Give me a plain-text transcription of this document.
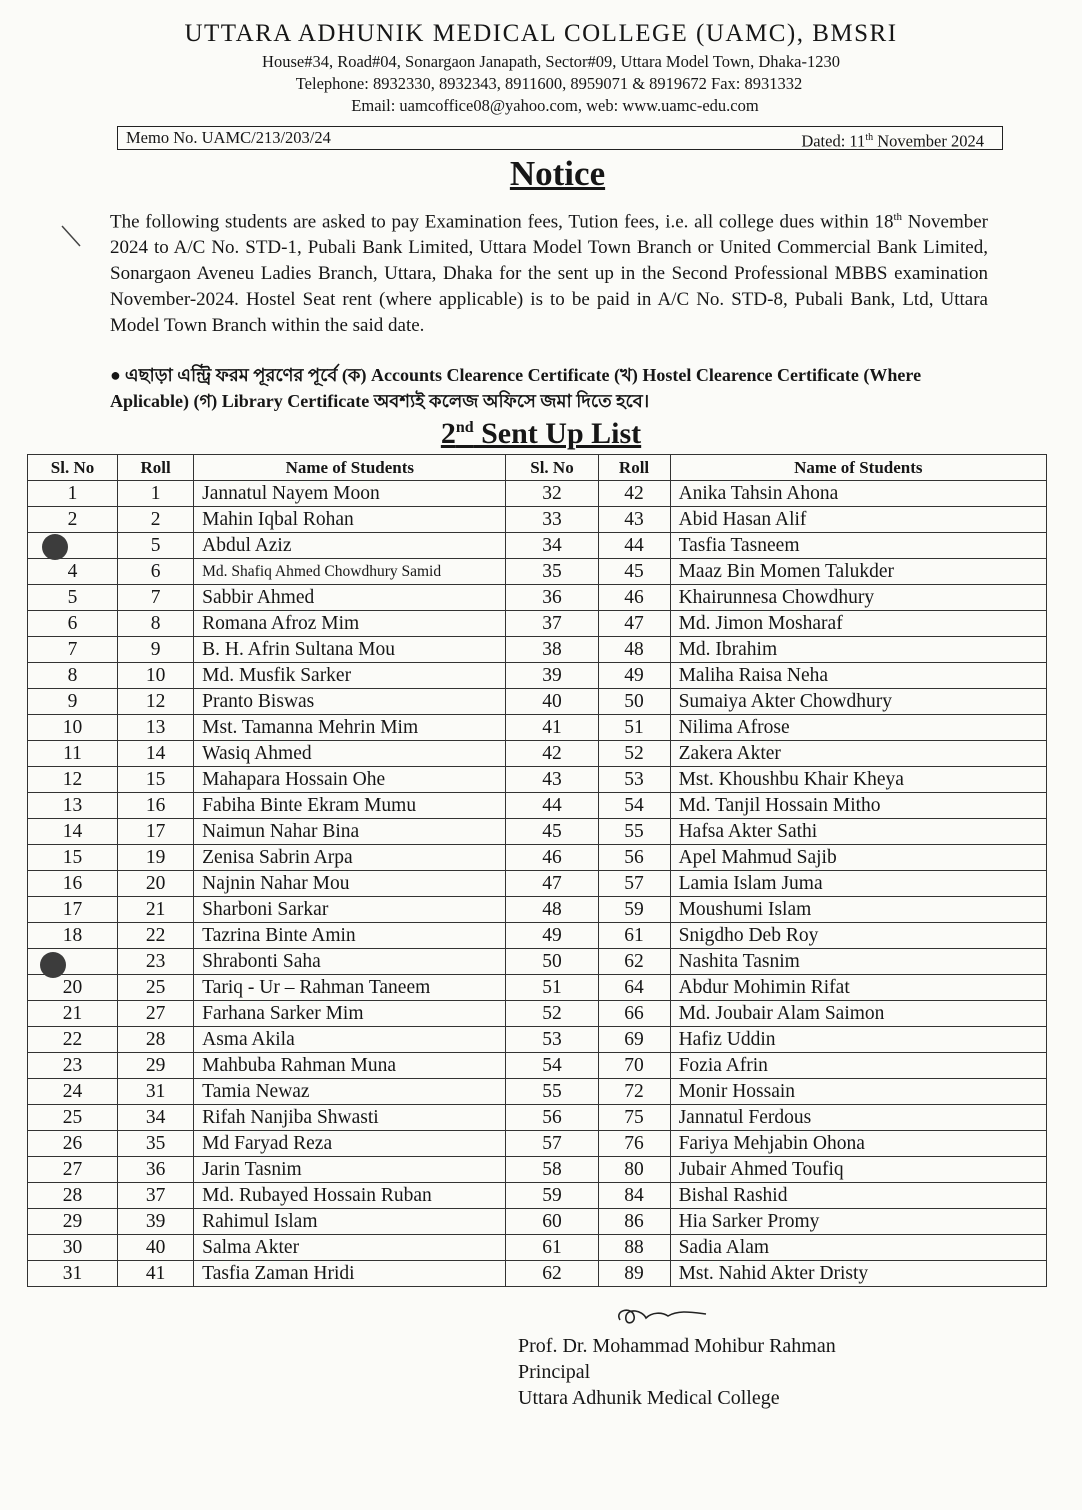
UTTARA ADHUNIK MEDICAL COLLEGE (UAMC), BMSRI
House#34, Road#04, Sonargaon Janapath, Sector#09, Uttara Model Town, Dhaka-1230
Telephone: 8932330, 8932343, 8911600, 8959071 & 8919672 Fax: 8931332
Email: uamcoffice08@yahoo.com, web: www.uamc-edu.com
Memo No. UAMC/213/203/24	Dated: 11th November 2024
Notice
The following students are asked to pay Examination fees, Tution fees, i.e. all college dues within 18th November 2024 to A/C No. STD-1, Pubali Bank Limited, Uttara Model Town Branch or United Commercial Bank Limited, Sonargaon Aveneu Ladies Branch, Uttara, Dhaka for the sent up in the Second Professional MBBS examination November-2024. Hostel Seat rent (where applicable) is to be paid in A/C No. STD-8, Pubali Bank, Ltd, Uttara Model Town Branch within the said date.
● এছাড়া এন্ট্রি ফরম পূরণের পূর্বে (ক) Accounts Clearence Certificate (খ) Hostel Clearence Certificate (Where Aplicable) (গ) Library Certificate অবশ্যই কলেজ অফিসে জমা দিতে হবে।
2nd Sent Up List
Sl. No	Roll	Name of Students	Sl. No	Roll	Name of Students
1	1	Jannatul Nayem Moon	32	42	Anika Tahsin Ahona
2	2	Mahin Iqbal Rohan	33	43	Abid Hasan Alif
	5	Abdul Aziz	34	44	Tasfia Tasneem
4	6	Md. Shafiq Ahmed Chowdhury Samid	35	45	Maaz Bin Momen Talukder
5	7	Sabbir Ahmed	36	46	Khairunnesa Chowdhury
6	8	Romana Afroz Mim	37	47	Md. Jimon Mosharaf
7	9	B. H. Afrin Sultana Mou	38	48	Md. Ibrahim
8	10	Md. Musfik Sarker	39	49	Maliha Raisa Neha
9	12	Pranto Biswas	40	50	Sumaiya Akter Chowdhury
10	13	Mst. Tamanna Mehrin Mim	41	51	Nilima Afrose
11	14	Wasiq Ahmed	42	52	Zakera Akter
12	15	Mahapara Hossain Ohe	43	53	Mst. Khoushbu Khair Kheya
13	16	Fabiha Binte Ekram Mumu	44	54	Md. Tanjil Hossain Mitho
14	17	Naimun Nahar Bina	45	55	Hafsa Akter Sathi
15	19	Zenisa Sabrin Arpa	46	56	Apel Mahmud Sajib
16	20	Najnin Nahar Mou	47	57	Lamia Islam Juma
17	21	Sharboni Sarkar	48	59	Moushumi Islam
18	22	Tazrina Binte Amin	49	61	Snigdho Deb Roy
	23	Shrabonti Saha	50	62	Nashita Tasnim
20	25	Tariq - Ur – Rahman Taneem	51	64	Abdur Mohimin Rifat
21	27	Farhana Sarker Mim	52	66	Md. Joubair Alam Saimon
22	28	Asma Akila	53	69	Hafiz Uddin
23	29	Mahbuba Rahman Muna	54	70	Fozia Afrin
24	31	Tamia Newaz	55	72	Monir Hossain
25	34	Rifah Nanjiba Shwasti	56	75	Jannatul Ferdous
26	35	Md Faryad Reza	57	76	Fariya Mehjabin Ohona
27	36	Jarin Tasnim	58	80	Jubair Ahmed Toufiq
28	37	Md. Rubayed Hossain Ruban	59	84	Bishal Rashid
29	39	Rahimul Islam	60	86	Hia Sarker Promy
30	40	Salma Akter	61	88	Sadia Alam
31	41	Tasfia Zaman Hridi	62	89	Mst. Nahid Akter Dristy
Prof. Dr. Mohammad Mohibur Rahman
Principal
Uttara Adhunik Medical College
